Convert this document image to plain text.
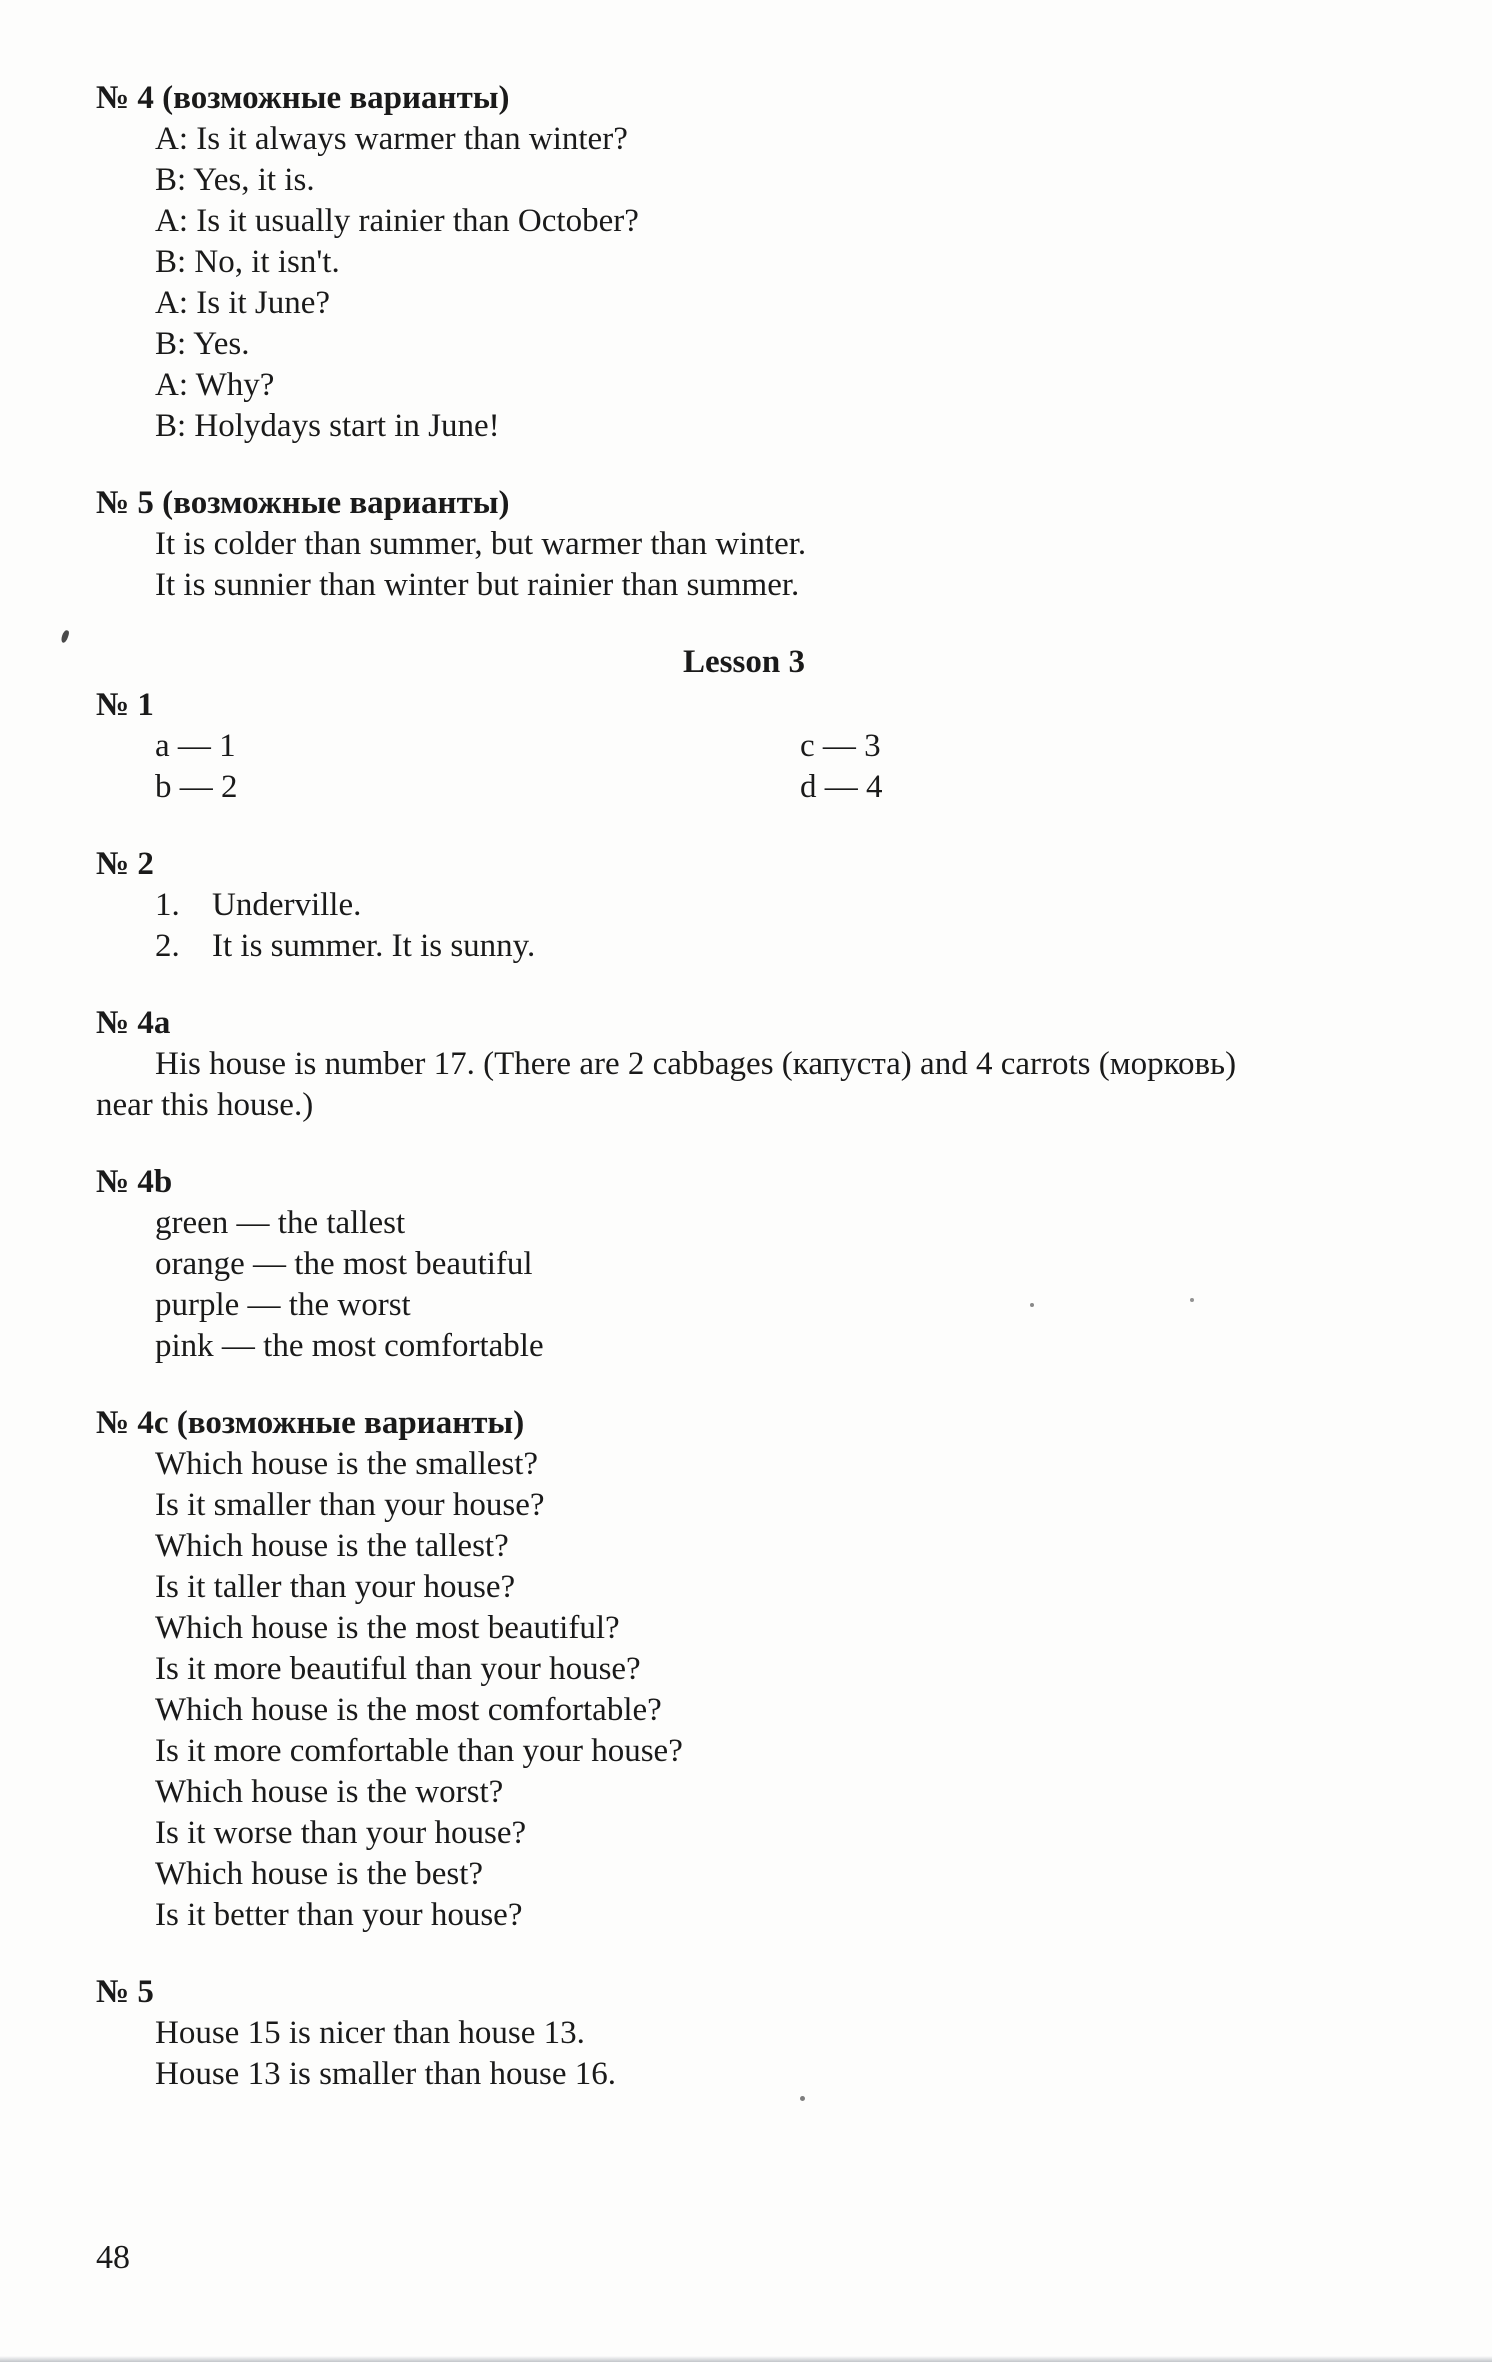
№ 4 (возможные варианты)
A: Is it always warmer than winter?
B: Yes, it is.
A: Is it usually rainier than October?
B: No, it isn't.
A: Is it June?
B: Yes.
A: Why?
B: Holydays start in June!
№ 5 (возможные варианты)
It is colder than summer, but warmer than winter.
It is sunnier than winter but rainier than summer.
Lesson 3
№ 1
a — 1
b — 2
c — 3
d — 4
№ 2
1. Underville.
2. It is summer. It is sunny.
№ 4a
His house is number 17. (There are 2 cabbages (капуста) and 4 carrots (морковь)
near this house.)
№ 4b
green — the tallest
orange — the most beautiful
purple — the worst
pink — the most comfortable
№ 4c (возможные варианты)
Which house is the smallest?
Is it smaller than your house?
Which house is the tallest?
Is it taller than your house?
Which house is the most beautiful?
Is it more beautiful than your house?
Which house is the most comfortable?
Is it more comfortable than your house?
Which house is the worst?
Is it worse than your house?
Which house is the best?
Is it better than your house?
№ 5
House 15 is nicer than house 13.
House 13 is smaller than house 16.
48
